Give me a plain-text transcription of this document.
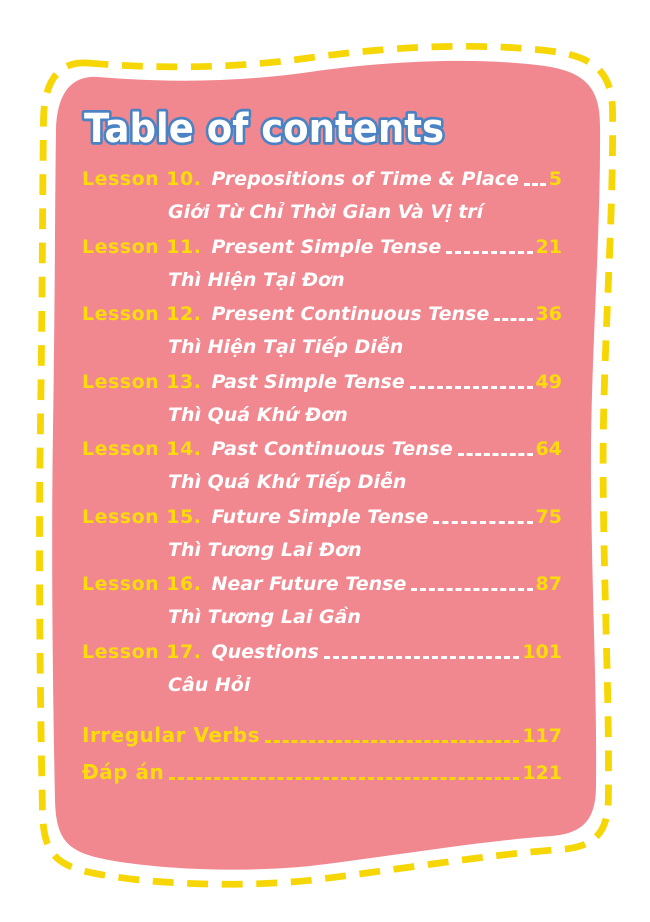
Table of contents
Lesson 10. Prepositions of Time & Place 5
Giới Từ Chỉ Thời Gian Và Vị trí
Lesson 11. Present Simple Tense	21
Thì Hiện Tại Đơn
Lesson 12. Present Continuous Tense 36
Thì Hiện Tại Tiếp Diễn
Lesson 13. Past Simple Tense	49
Thì Quá Khứ Đơn
Lesson 14. Past Continuous Tense	64
Thì Quá Khứ Tiếp Diễn
Lesson 15. Future Simple Tense	75
Thì Tương Lai Đơn
Lesson 16. Near Future Tense	87
Thì Tương Lai Gần
Lesson 17. Questions	101
Câu Hỏi
Irregular Verbs	117
Đáp án	121
